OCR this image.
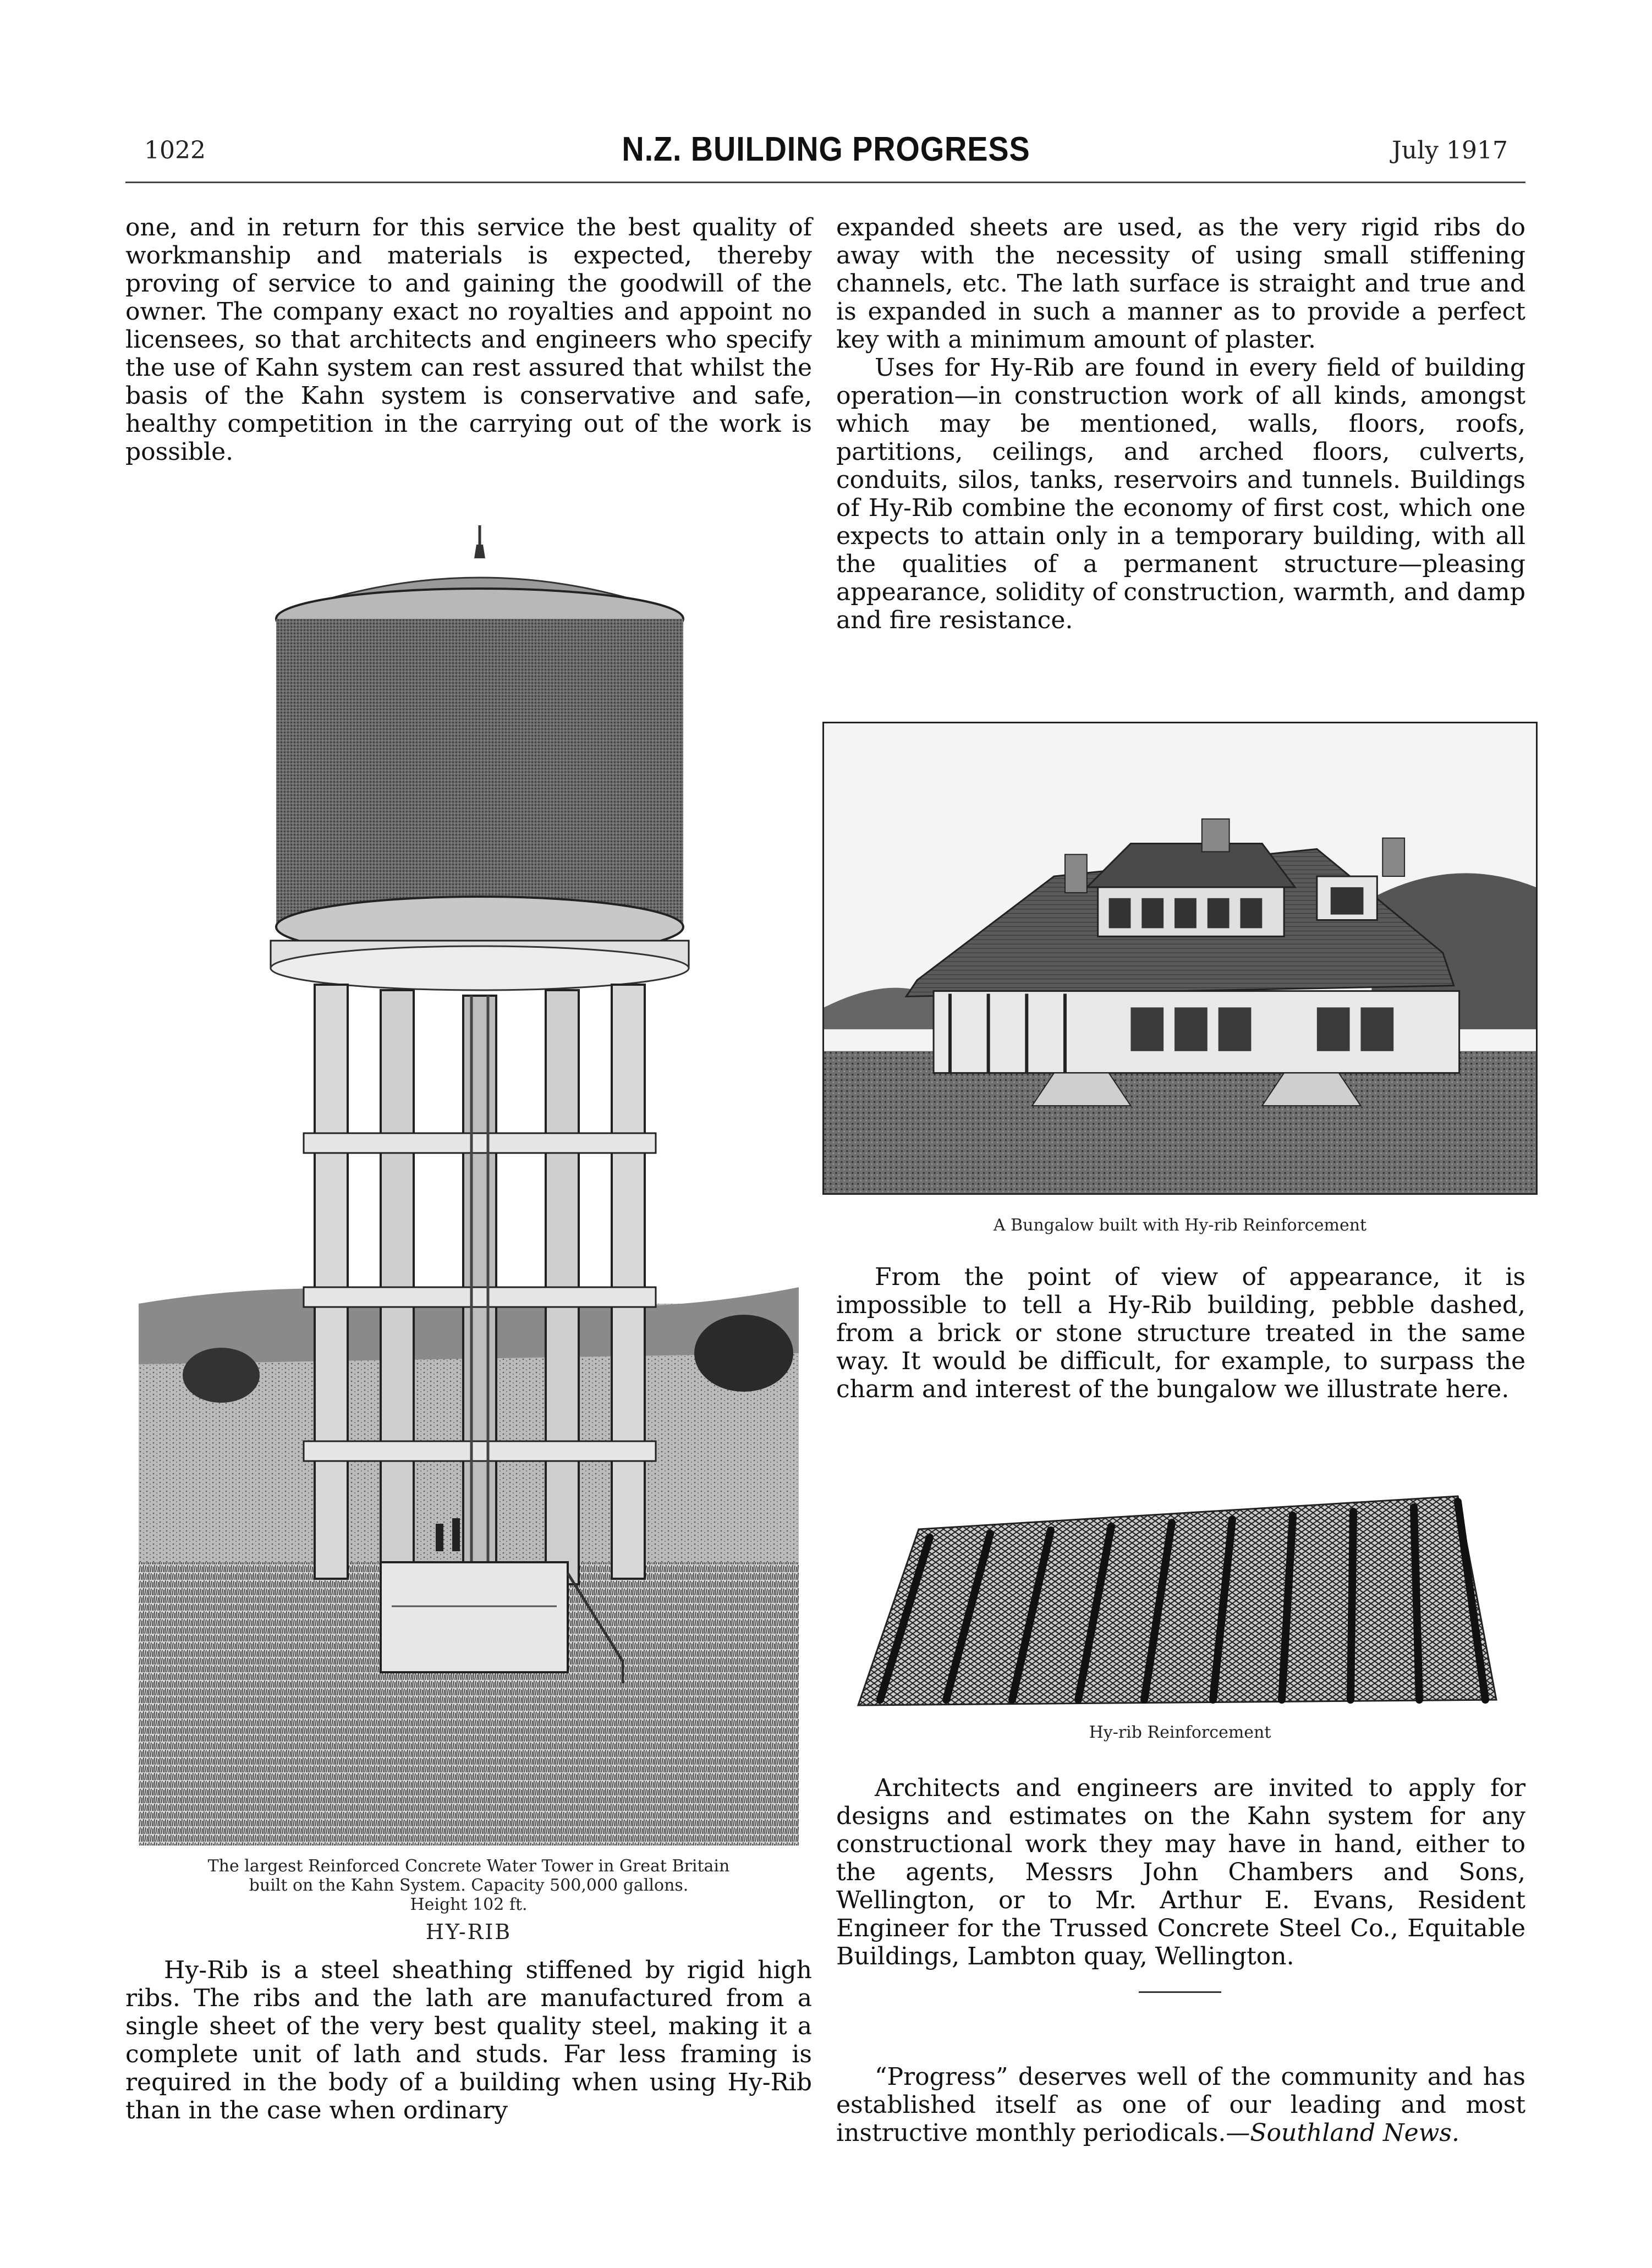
1022	N.Z. BUILDING PROGRESS	July 1917

one, and in return for this service the best quality of workmanship and materials is expected, thereby proving of service to and gaining the goodwill of the owner. The company exact no royalties and appoint no licensees, so that architects and engineers who specify the use of Kahn system can rest assured that whilst the basis of the Kahn system is conservative and safe, healthy competition in the carrying out of the work is possible.

The largest Reinforced Concrete Water Tower in Great Britain
built on the Kahn System. Capacity 500,000 gallons.
Height 102 ft.
HY-RIB

Hy-Rib is a steel sheathing stiffened by rigid high ribs. The ribs and the lath are manufactured from a single sheet of the very best quality steel, making it a complete unit of lath and studs. Far less framing is required in the body of a building when using Hy-Rib than in the case when ordinary

expanded sheets are used, as the very rigid ribs do away with the necessity of using small stiffening channels, etc. The lath surface is straight and true and is expanded in such a manner as to provide a perfect key with a minimum amount of plaster.

Uses for Hy-Rib are found in every field of building operation—in construction work of all kinds, amongst which may be mentioned, walls, floors, roofs, partitions, ceilings, and arched floors, culverts, conduits, silos, tanks, reservoirs and tunnels. Buildings of Hy-Rib combine the economy of first cost, which one expects to attain only in a temporary building, with all the qualities of a permanent structure—pleasing appearance, solidity of construction, warmth, and damp and fire resistance.

A Bungalow built with Hy-rib Reinforcement

From the point of view of appearance, it is impossible to tell a Hy-Rib building, pebble dashed, from a brick or stone structure treated in the same way. It would be difficult, for example, to surpass the charm and interest of the bungalow we illustrate here.

Hy-rib Reinforcement

Architects and engineers are invited to apply for designs and estimates on the Kahn system for any constructional work they may have in hand, either to the agents, Messrs John Chambers and Sons, Wellington, or to Mr. Arthur E. Evans, Resident Engineer for the Trussed Concrete Steel Co., Equitable Buildings, Lambton quay, Wellington.

“Progress” deserves well of the community and has established itself as one of our leading and most instructive monthly periodicals.—Southland News.
